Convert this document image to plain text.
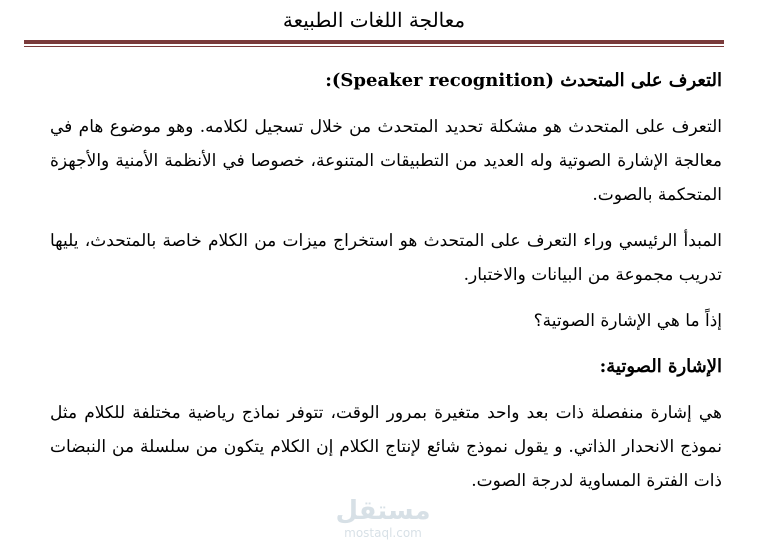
معالجة اللغات الطبيعة

التعرف على المتحدث (Speaker recognition):

التعرف على المتحدث هو مشكلة تحديد المتحدث من خلال تسجيل لكلامه. وهو موضوع هام في معالجة الإشارة الصوتية وله العديد من التطبيقات المتنوعة، خصوصا في الأنظمة الأمنية والأجهزة المتحكمة بالصوت.

المبدأ الرئيسي وراء التعرف على المتحدث هو استخراج ميزات من الكلام خاصة بالمتحدث، يليها تدريب مجموعة من البيانات والاختبار.

إذاً ما هي الإشارة الصوتية؟

الإشارة الصوتية:

هي إشارة منفصلة ذات بعد واحد متغيرة بمرور الوقت، تتوفر نماذج رياضية مختلفة للكلام مثل نموذج الانحدار الذاتي. و يقول نموذج شائع لإنتاج الكلام إن الكلام يتكون من سلسلة من النبضات ذات الفترة المساوية لدرجة الصوت.

مستقل
mostaql.com
